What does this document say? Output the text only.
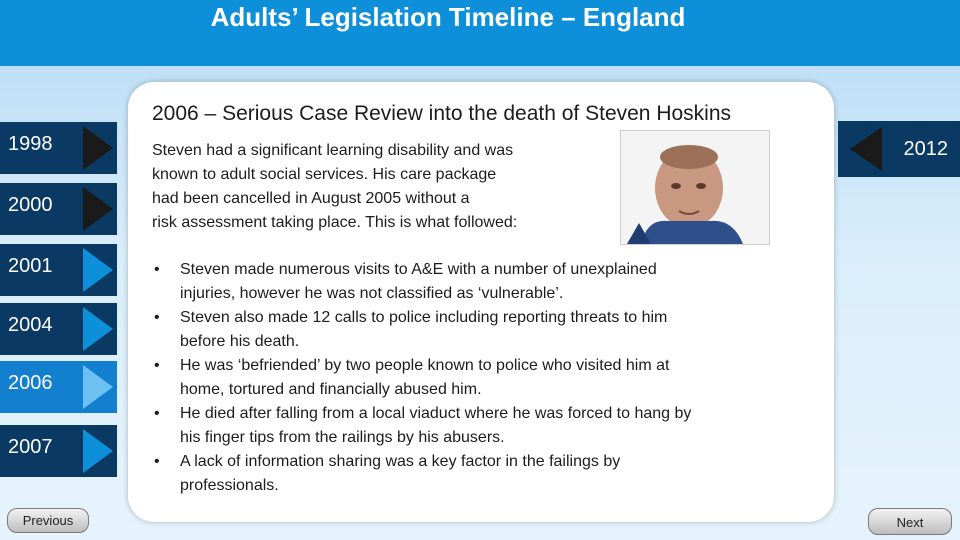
Adults’ Legislation Timeline – England
1998
2000
2001
2004
2006
2007
2012
2006 – Serious Case Review into the death of Steven Hoskins
Steven had a significant learning disability and was
known to adult social services. His care package
had been cancelled in August 2005 without a
risk assessment taking place. This is what followed:
• Steven made numerous visits to A&E with a number of unexplained
injuries, however he was not classified as ‘vulnerable’.
• Steven also made 12 calls to police including reporting threats to him
before his death.
• He was ‘befriended’ by two people known to police who visited him at
home, tortured and financially abused him.
• He died after falling from a local viaduct where he was forced to hang by
his finger tips from the railings by his abusers.
• A lack of information sharing was a key factor in the failings by
professionals.
Previous	Next
